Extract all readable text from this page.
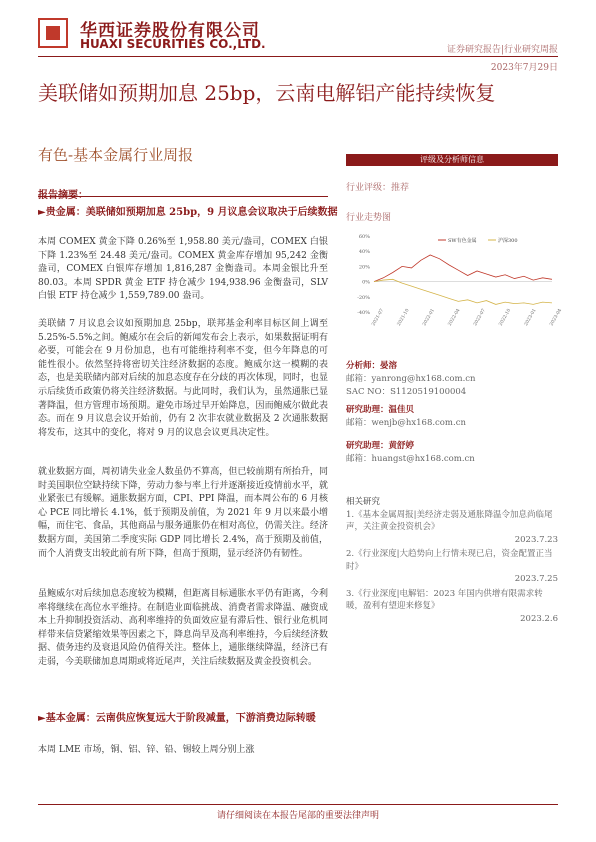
华西证券股份有限公司
HUAXI SECURITIES CO.,LTD.	证券研究报告|行业研究周报
2023年7月29日
美联储如预期加息 25bp，云南电解铝产能持续恢复
有色-基本金属行业周报
►贵金属：美联储如预期加息 25bp，9 月议息会议取决于后续数据
本周 COMEX 黄金下降 0.26%至 1,958.80 美元/盎司，COMEX 白银下降 1.23%至 24.48 美元/盎司。COMEX 黄金库存增加 95,242 金衡盎司，COMEX 白银库存增加 1,816,287 金衡盎司。本周金银比升至 80.03。本周 SPDR 黄金 ETF 持仓减少 194,938.96 金衡盎司，SLV 白银 ETF 持仓减少 1,559,789.00 盎司。
美联储 7 月议息会议如预期加息 25bp，联邦基金利率目标区间上调至 5.25%-5.5%之间。鲍威尔在会后的新闻发布会上表示，如果数据证明有必要，可能会在 9 月份加息，也有可能维持利率不变，但今年降息的可能性很小。依然坚持将密切关注经济数据的态度。鲍威尔这一模糊的表态，也是美联储内部对后续的加息态度存在分歧的再次体现，同时，也显示后续货币政策仍将关注经济数据。与此同时，我们认为，虽然通胀已显著降温，但方管理市场预期。避免市场过早开始降息，因而鲍威尔做此表态。而在 9 月议息会议开始前，仍有 2 次非农就业数据及 2 次通胀数据将发布，这其中的变化，将对 9 月的议息会议更具决定性。
就业数据方面，周初请失业金人数虽仍不算高，但已较前期有所抬升，同时美国职位空缺持续下降，劳动力参与率上行并逐渐接近疫情前水平，就业紧张已有缓解。通胀数据方面，CPI、PPI 降温，而本周公布的 6 月核心 PCE 同比增长 4.1%，低于预期及前值，为 2021 年 9 月以来最小增幅，而住宅、食品，其他商品与服务通胀仍在相对高位，仍需关注。经济数据方面，美国第二季度实际 GDP 同比增长 2.4%，高于预期及前值，而个人消费支出较此前有所下降，但高于预期，显示经济仍有韧性。
虽鲍威尔对后续加息态度较为模糊，但距离目标通胀水平仍有距离，今利率将继续在高位水平维持。在制造业面临挑战、消费者需求降温、融资成本上升抑制投资活动、高利率维持的负面效应显有滞后性、银行业危机同样带来信贷紧缩效果等因素之下，降息尚早及高利率维持，今后续经济数据、债务违约及衰退风险仍值得关注。整体上，通胀继续降温，经济已有走弱，今美联储加息周期或将近尾声，关注后续数据及黄金投资机会。
►基本金属：云南供应恢复远大于阶段减量，下游消费边际转暖
本周 LME 市场，铜、铝、锌、铅、锡较上周分别上涨
评级及分析师信息
行业评级：推荐
行业走势图
60%
40%
20%
0%
-20%
-40% 2021-07	2021-10	2022-01	2022-04	2022-07	2022-10	2023-01	2023-04
SW有色金属	沪深300
分析师：晏溶
邮箱：yanrong@hx168.com.cn
SAC NO：S1120519100004
研究助理：温佳贝
邮箱：wenjb@hx168.com.cn
研究助理：黄舒婷
邮箱：huangst@hx168.com.cn
相关研究
1.《基本金属周报|美经济走弱及通胀降温令加息尚临尾声，关注黄金投资机会》
2023.7.23
2.《行业深度|大趋势向上行情未现已启，资金配置正当时》
2023.7.25
3.《行业深度|电解铝：2023 年国内供增有限需求转暖，盈利有望迎来修复》
2023.2.6
请仔细阅读在本报告尾部的重要法律声明
